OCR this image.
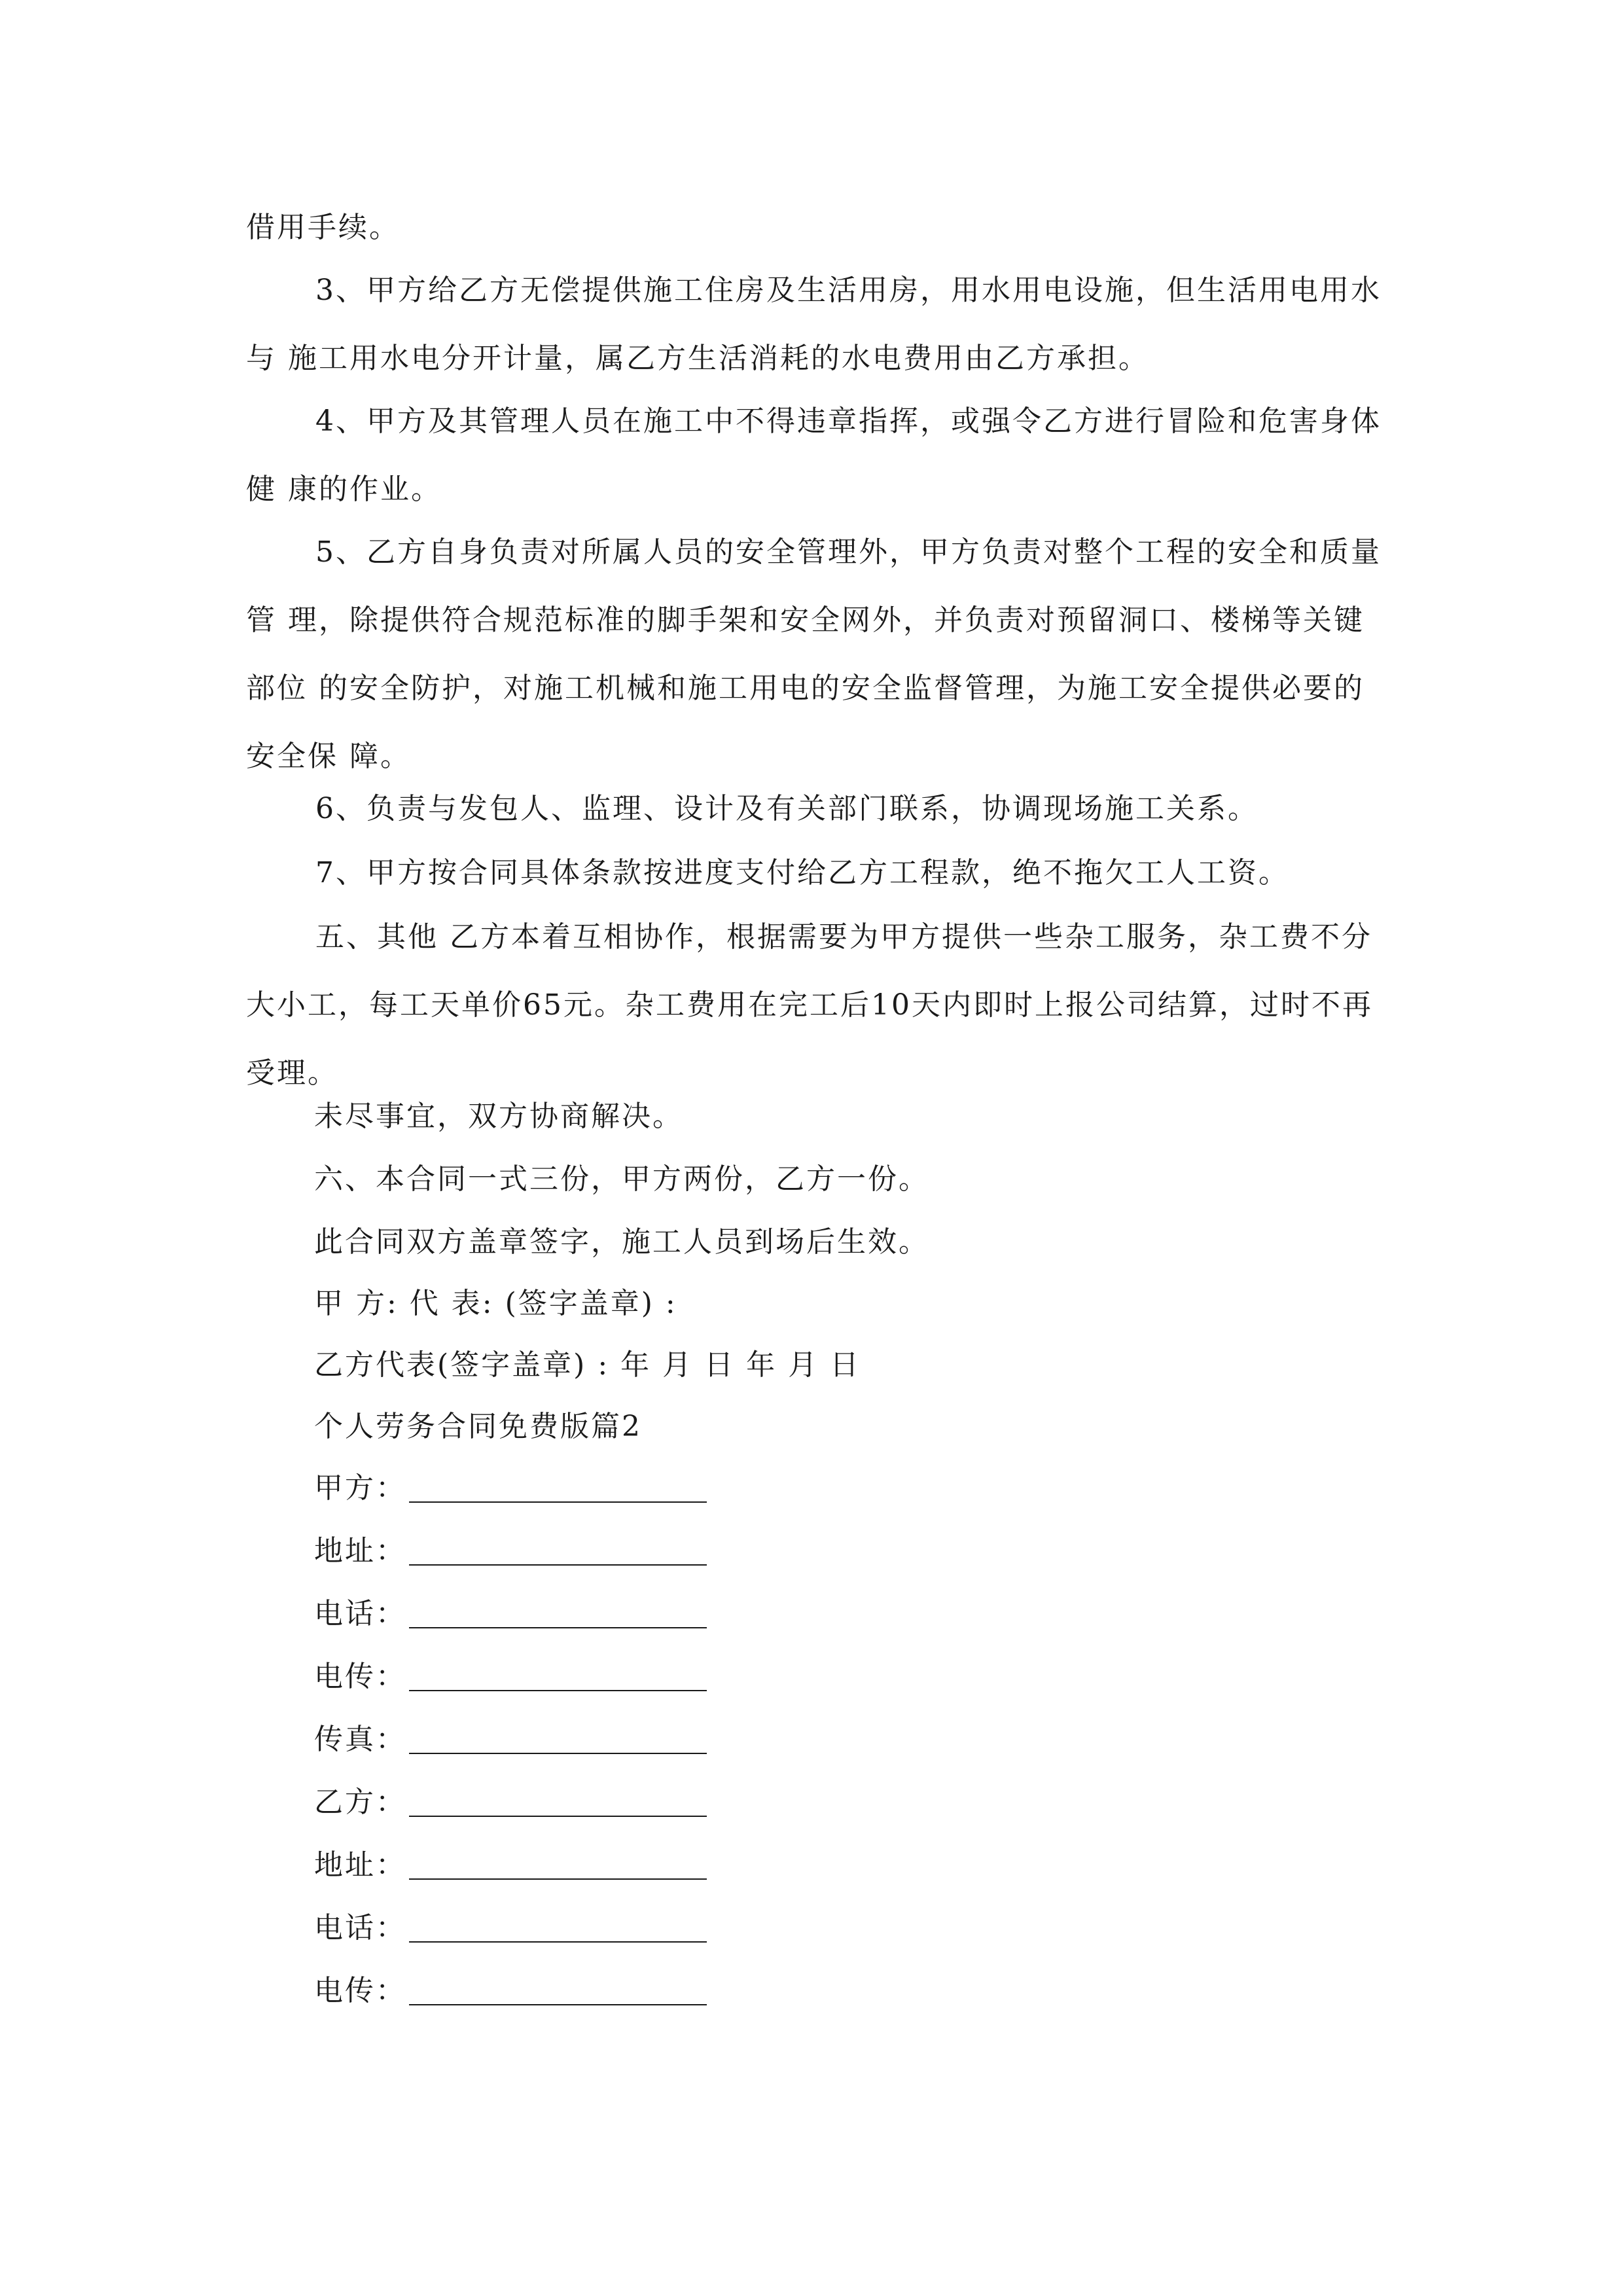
借用手续。

3、甲方给乙方无偿提供施工住房及生活用房，用水用电设施，但生活用电用水与 施工用水电分开计量，属乙方生活消耗的水电费用由乙方承担。

4、甲方及其管理人员在施工中不得违章指挥，或强令乙方进行冒险和危害身体健 康的作业。

5、乙方自身负责对所属人员的安全管理外，甲方负责对整个工程的安全和质量管 理，除提供符合规范标准的脚手架和安全网外，并负责对预留洞口、楼梯等关键部位 的安全防护，对施工机械和施工用电的安全监督管理，为施工安全提供必要的安全保 障。

6、负责与发包人、监理、设计及有关部门联系，协调现场施工关系。

7、甲方按合同具体条款按进度支付给乙方工程款，绝不拖欠工人工资。

五、其他 乙方本着互相协作，根据需要为甲方提供一些杂工服务，杂工费不分大小工，每工天单价65元。杂工费用在完工后10天内即时上报公司结算，过时不再受理。

未尽事宜，双方协商解决。

六、本合同一式三份，甲方两份，乙方一份。

此合同双方盖章签字，施工人员到场后生效。

甲 方: 代 表: (签字盖章) :

乙方代表(签字盖章) : 年 月 日 年 月 日

个人劳务合同免费版篇2

甲方：
地址：
电话：
电传：
传真：
乙方：
地址：
电话：
电传：
